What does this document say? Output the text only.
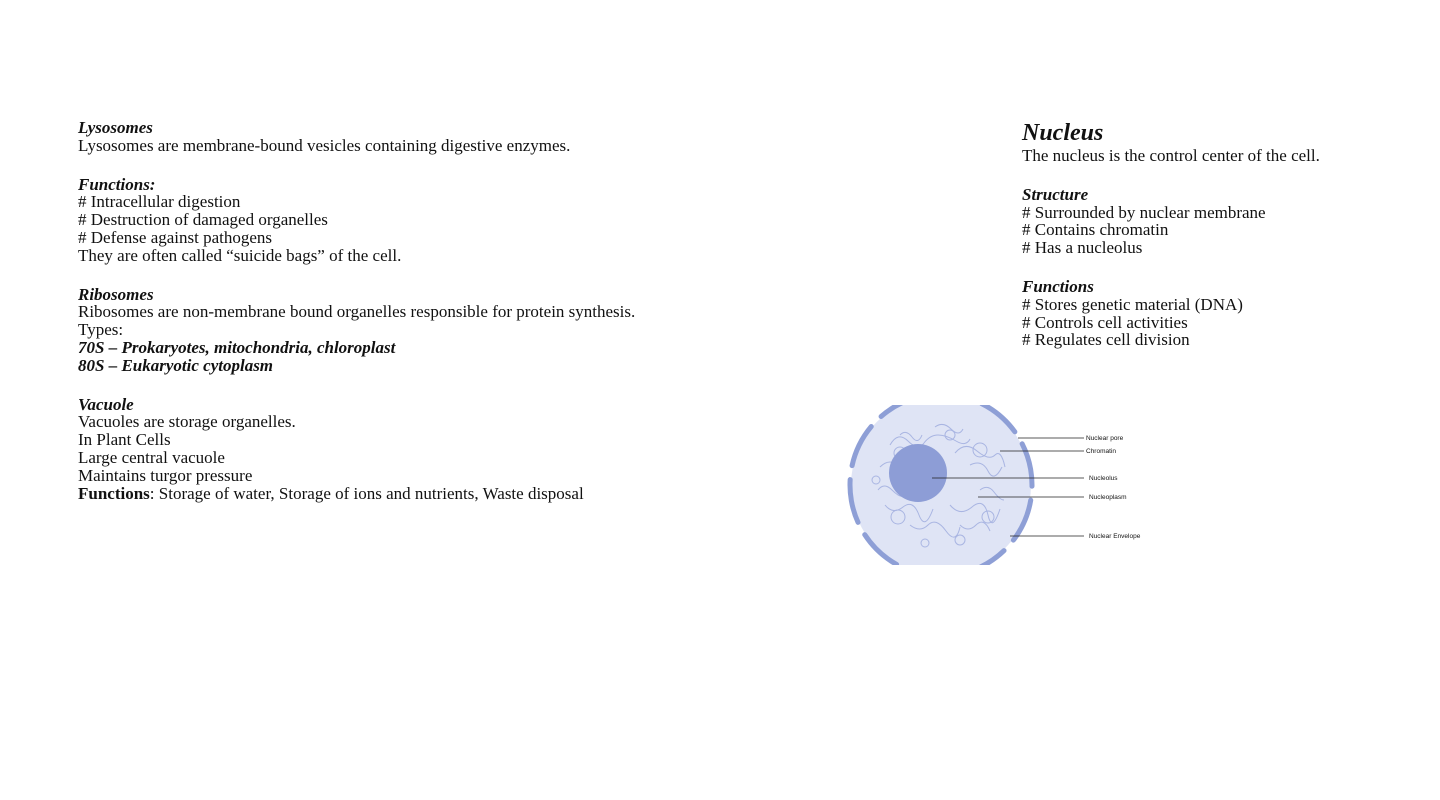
Lysosomes
Lysosomes are membrane-bound vesicles containing digestive enzymes.
Functions:
# Intracellular digestion
# Destruction of damaged organelles
# Defense against pathogens
They are often called “suicide bags” of the cell.
Ribosomes
Ribosomes are non-membrane bound organelles responsible for protein synthesis.
Types:
70S – Prokaryotes, mitochondria, chloroplast
80S – Eukaryotic cytoplasm
Vacuole
Vacuoles are storage organelles.
In Plant Cells
Large central vacuole
Maintains turgor pressure
Functions: Storage of water, Storage of ions and nutrients, Waste disposal
Nucleus
The nucleus is the control center of the cell.
Structure
# Surrounded by nuclear membrane
# Contains chromatin
# Has a nucleolus
Functions
# Stores genetic material (DNA)
# Controls cell activities
# Regulates cell division
Nuclear pore
Chromatin
Nucleolus
Nucleoplasm
Nuclear Envelope
